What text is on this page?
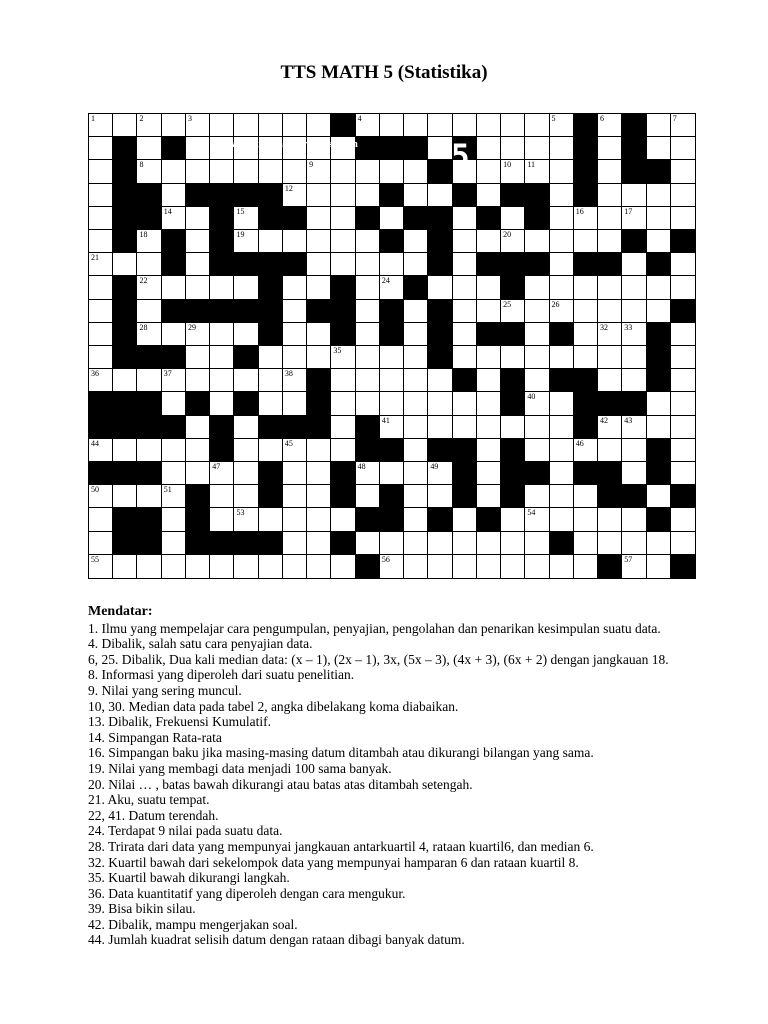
TTS MATH 5 (Statistika)
1	2	3	4	5	6	7
8	9	10 11
12	13
14	15	16	17
18	19	20
21
22	23	24
25	26	27
28	29	30	31	32 33
34	35
36	37	38
39	40
41	42 43
44	45	46
47	48	49
50	51	52
53	54
55	56	57
www.matikzone.wordpress.com	5
Mendatar:
1. Ilmu yang mempelajar cara pengumpulan, penyajian, pengolahan dan penarikan kesimpulan suatu data.
4. Dibalik, salah satu cara penyajian data.
6, 25. Dibalik, Dua kali median data: (x – 1), (2x – 1), 3x, (5x – 3), (4x + 3), (6x + 2) dengan jangkauan 18.
8. Informasi yang diperoleh dari suatu penelitian.
9. Nilai yang sering muncul.
10, 30. Median data pada tabel 2, angka dibelakang koma diabaikan.
13. Dibalik, Frekuensi Kumulatif.
14. Simpangan Rata-rata
16. Simpangan baku jika masing-masing datum ditambah atau dikurangi bilangan yang sama.
19. Nilai yang membagi data menjadi 100 sama banyak.
20. Nilai … , batas bawah dikurangi atau batas atas ditambah setengah.
21. Aku, suatu tempat.
22, 41. Datum terendah.
24. Terdapat 9 nilai pada suatu data.
28. Trirata dari data yang mempunyai jangkauan antarkuartil 4, rataan kuartil6, dan median 6.
32. Kuartil bawah dari sekelompok data yang mempunyai hamparan 6 dan rataan kuartil 8.
35. Kuartil bawah dikurangi langkah.
36. Data kuantitatif yang diperoleh dengan cara mengukur.
39. Bisa bikin silau.
42. Dibalik, mampu mengerjakan soal.
44. Jumlah kuadrat selisih datum dengan rataan dibagi banyak datum.
